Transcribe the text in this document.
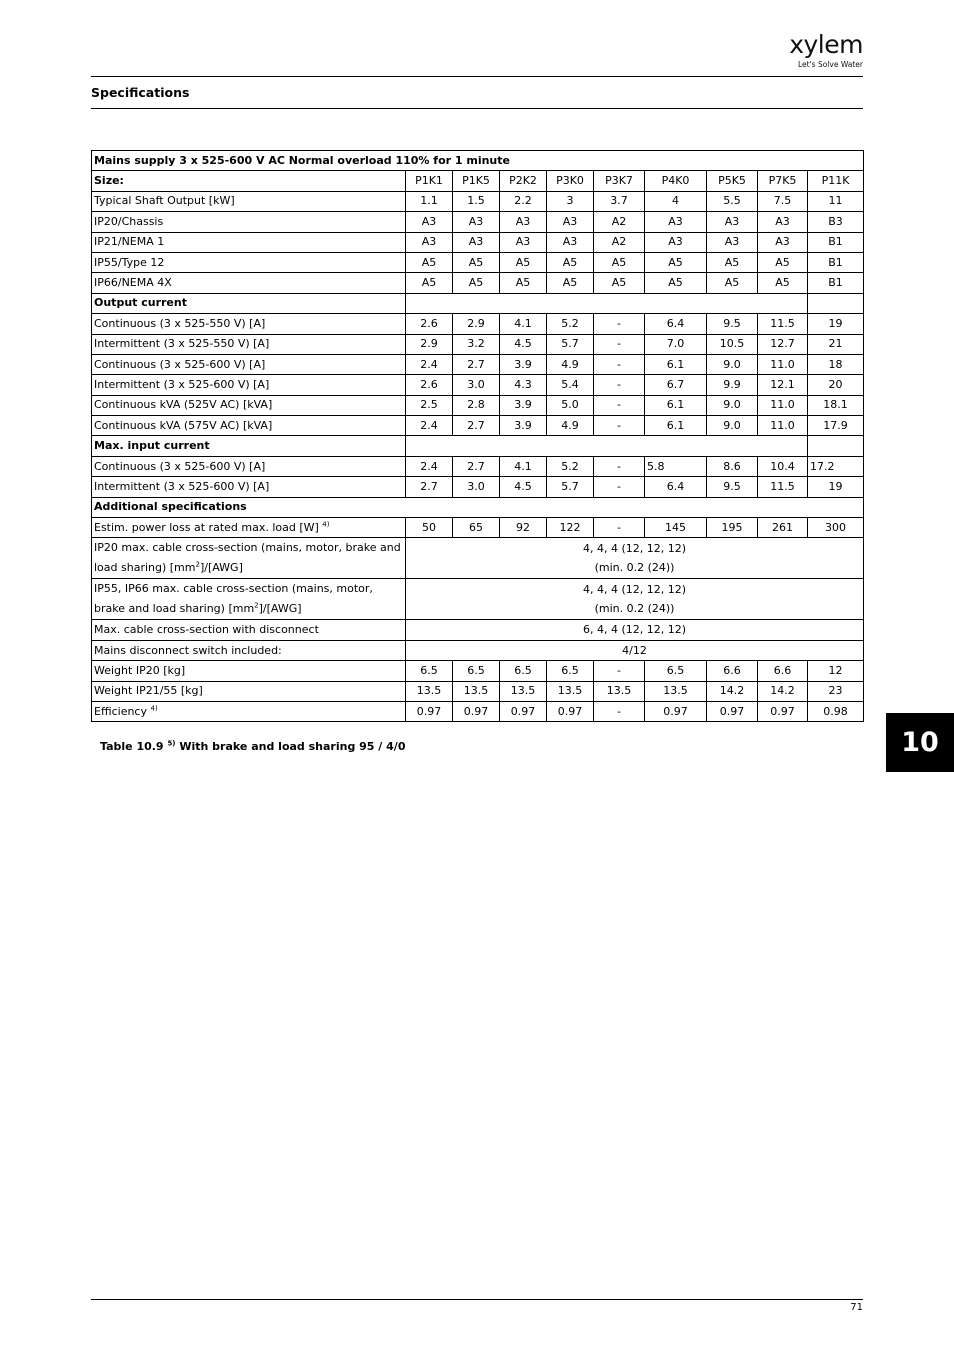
xylem
Let's Solve Water
Specifications
Mains supply 3 x 525-600 V AC Normal overload 110% for 1 minute									
Size:	P1K1	P1K5	P2K2	P3K0	P3K7	P4K0	P5K5	P7K5	P11K
Typical Shaft Output [kW]	1.1	1.5	2.2	3	3.7	4	5.5	7.5	11
IP20/Chassis	A3	A3	A3	A3	A2	A3	A3	A3	B3
IP21/NEMA 1	A3	A3	A3	A3	A2	A3	A3	A3	B1
IP55/Type 12	A5	A5	A5	A5	A5	A5	A5	A5	B1
IP66/NEMA 4X	A5	A5	A5	A5	A5	A5	A5	A5	B1
Output current									
Continuous (3 x 525-550 V) [A]	2.6	2.9	4.1	5.2	-	6.4	9.5	11.5	19
Intermittent (3 x 525-550 V) [A]	2.9	3.2	4.5	5.7	-	7.0	10.5	12.7	21
Continuous (3 x 525-600 V) [A]	2.4	2.7	3.9	4.9	-	6.1	9.0	11.0	18
Intermittent (3 x 525-600 V) [A]	2.6	3.0	4.3	5.4	-	6.7	9.9	12.1	20
Continuous kVA (525V AC) [kVA]	2.5	2.8	3.9	5.0	-	6.1	9.0	11.0	18.1
Continuous kVA (575V AC) [kVA]	2.4	2.7	3.9	4.9	-	6.1	9.0	11.0	17.9
Max. input current									
Continuous (3 x 525-600 V) [A]	2.4	2.7	4.1	5.2	-	5.8	8.6	10.4	17.2
Intermittent (3 x 525-600 V) [A]	2.7	3.0	4.5	5.7	-	6.4	9.5	11.5	19
Additional specifications									
Estim. power loss at rated max. load [W] $^{4)}$	50	65	92	122	-	145	195	261	300
IP20 max. cable cross-section (mains, motor, brake and load sharing) $[mm^2]/[AWG]$	4, 4, 4 (12, 12, 12)
(min. 0.2 (24))								

IP55, IP66 max. cable cross-section (mains, motor, brake and load sharing) $[mm^2]/[AWG]$	4, 4, 4 (12, 12, 12)
(min. 0.2 (24))								

Max. cable cross-section with disconnect	6, 4, 4 (12, 12, 12)								
Mains disconnect switch included:	4/12								
Weight IP20 [kg]	6.5	6.5	6.5	6.5	-	6.5	6.6	6.6	12
Weight IP21/55 [kg]	13.5	13.5	13.5	13.5	13.5	13.5	14.2	14.2	23
Efficiency $^{4)}$	0.97	0.97	0.97	0.97	-	0.97	0.97	0.97	0.98
Table 10.9 $^{5)}$ With brake and load sharing 95 / 4/0	10
71
